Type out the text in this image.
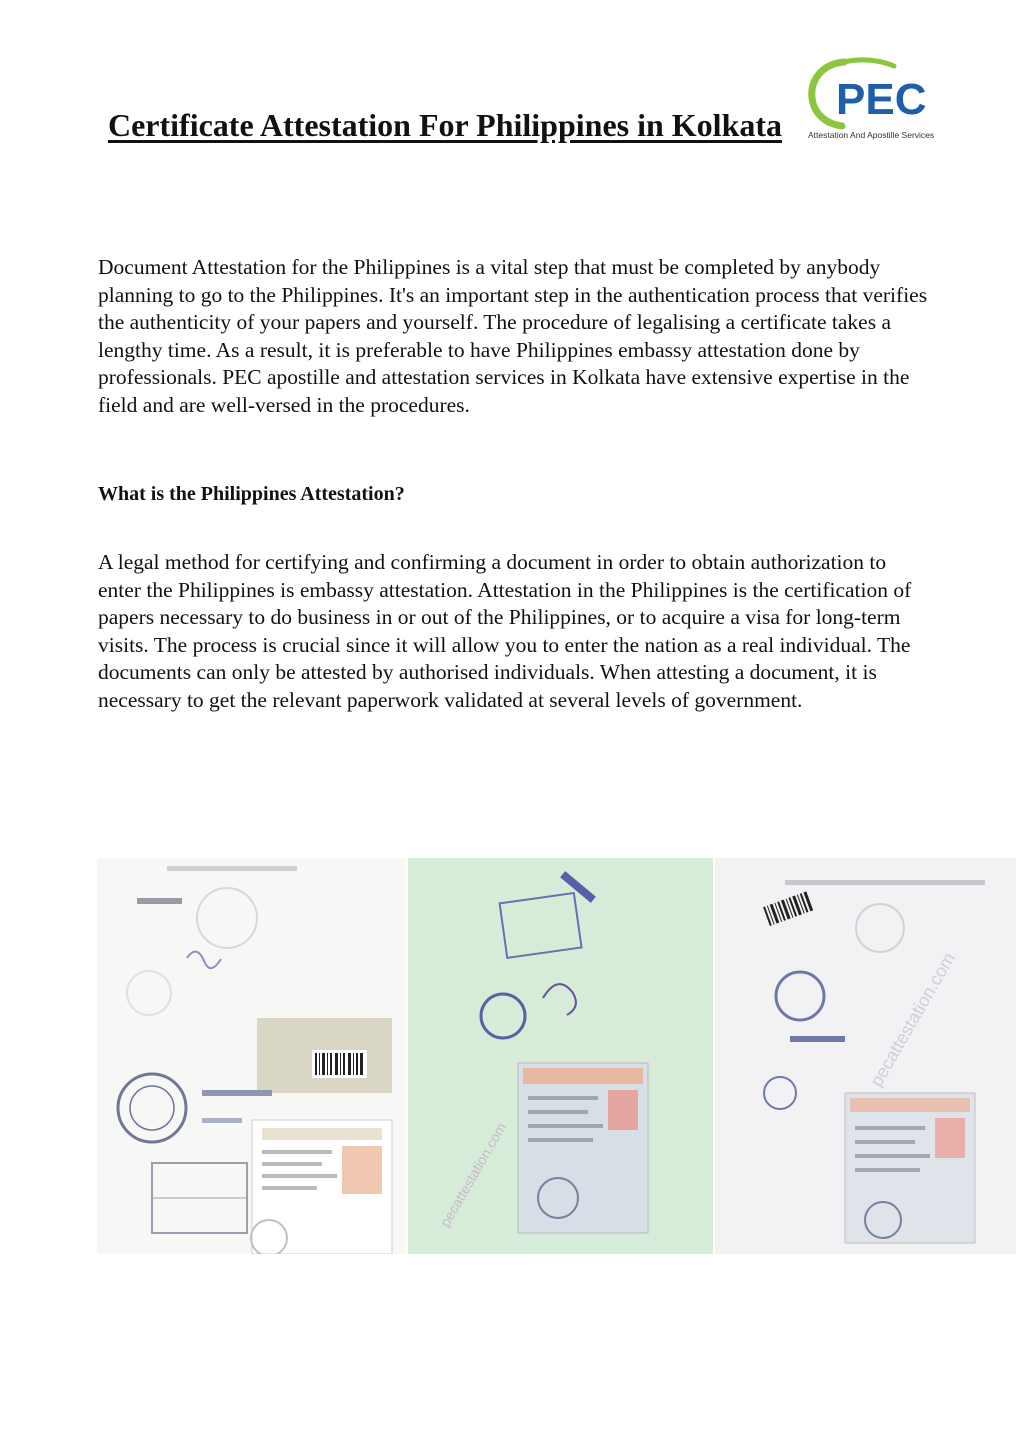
PEC
Attestation And Apostille Services
Certificate Attestation For Philippines in Kolkata

Document Attestation for the Philippines is a vital step that must be completed by anybody planning to go to the Philippines. It's an important step in the authentication process that verifies the authenticity of your papers and yourself. The procedure of legalising a certificate takes a lengthy time. As a result, it is preferable to have Philippines embassy attestation done by professionals. PEC apostille and attestation services in Kolkata have extensive expertise in the field and are well-versed in the procedures.

What is the Philippines Attestation?

A legal method for certifying and confirming a document in order to obtain authorization to enter the Philippines is embassy attestation. Attestation in the Philippines is the certification of papers necessary to do business in or out of the Philippines, or to acquire a visa for long-term visits. The process is crucial since it will allow you to enter the nation as a real individual. The documents can only be attested by authorised individuals. When attesting a document, it is necessary to get the relevant paperwork validated at several levels of government.

pecattestation.com
pecattestation.com
